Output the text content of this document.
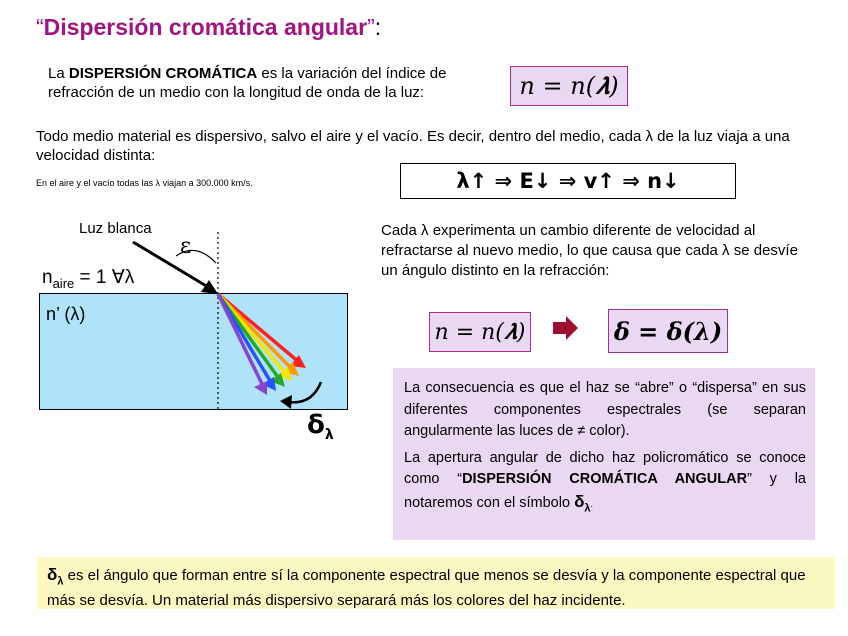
“Dispersión cromática angular”:
La DISPERSIÓN CROMÁTICA es la variación del índice de refracción de un medio con la longitud de onda de la luz:	n = n(𝝀)
Todo medio material es dispersivo, salvo el aire y el vacío. Es decir, dentro del medio, cada λ de la luz viaja a una velocidad distinta:
En el aire y el vacío todas las λ viajan a 300.000 km/s.	λ↑ ⇒ E↓ ⇒ v↑ ⇒ n↓
Cada λ experimenta un cambio diferente de velocidad al refractarse al nuevo medio, lo que causa que cada λ se desvíe un ángulo distinto en la refracción:
Luz blanca
ε
$n_{aire} = 1$ ∀λ
n’ (λ)
$\delta_\lambda$
n = n(𝝀)	δ = δ(𝝀)

La consecuencia es que el haz se “abre” o “dispersa” en sus diferentes componentes espectrales (se separan angularmente las luces de ≠ color).

La apertura angular de dicho haz policromático se conoce como “DISPERSIÓN CROMÁTICA ANGULAR” y la notaremos con el símbolo $\delta_\lambda$.

$\delta_\lambda$ es el ángulo que forman entre sí la componente espectral que menos se desvía y la componente espectral que más se desvía. Un material más dispersivo separará más los colores del haz incidente.
